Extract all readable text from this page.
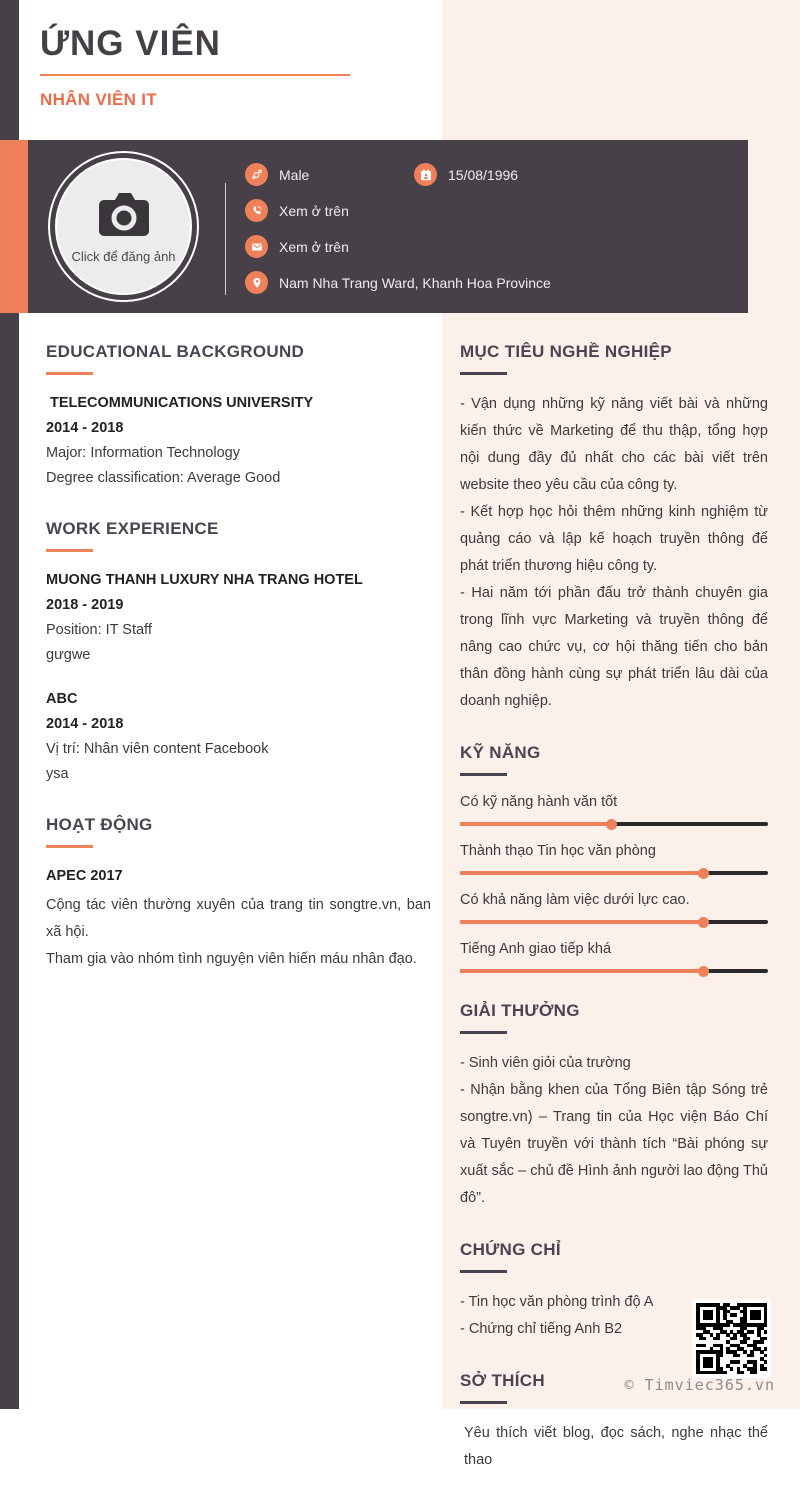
ỨNG VIÊN
NHÂN VIÊN IT
Click để đăng ảnh
Male	15/08/1996
Xem ở trên
Xem ở trên
Nam Nha Trang Ward, Khanh Hoa Province
EDUCATIONAL BACKGROUND
TELECOMMUNICATIONS UNIVERSITY
2014 - 2018
Major: Information Technology
Degree classification: Average Good
WORK EXPERIENCE
MUONG THANH LUXURY NHA TRANG HOTEL
2018 - 2019
Position: IT Staff
gưgwe
ABC
2014 - 2018
Vị trí: Nhân viên content Facebook
ysa
HOẠT ĐỘNG
APEC 2017

Cộng tác viên thường xuyên của trang tin songtre.vn, ban xã hội.

Tham gia vào nhóm tình nguyện viên hiến máu nhân đạo.

MỤC TIÊU NGHỀ NGHIỆP

- Vận dụng những kỹ năng viết bài và những kiến thức về Marketing để thu thập, tổng hợp nội dung đầy đủ nhất cho các bài viết trên website theo yêu cầu của công ty.

- Kết hợp học hỏi thêm những kinh nghiệm từ quảng cáo và lập kế hoạch truyền thông để phát triển thương hiệu công ty.

- Hai năm tới phần đấu trở thành chuyên gia trong lĩnh vực Marketing và truyền thông để nâng cao chức vụ, cơ hội thăng tiến cho bản thân đồng hành cùng sự phát triển lâu dài của doanh nghiệp.

KỸ NĂNG
Có kỹ năng hành văn tốt
Thành thạo Tin học văn phòng
Có khả năng làm việc dưới lực cao.
Tiếng Anh giao tiếp khá
GIẢI THƯỞNG

- Sinh viên giỏi của trường

- Nhận bằng khen của Tổng Biên tập Sóng trẻ songtre.vn) – Trang tin của Học viện Báo Chí và Tuyên truyền với thành tích “Bài phóng sự xuất sắc – chủ đề Hình ảnh người lao động Thủ đô”.

CHỨNG CHỈ

- Tin học văn phòng trình độ A

- Chứng chỉ tiếng Anh B2

SỞ THÍCH

Yêu thích viết blog, đọc sách, nghe nhạc thể thao

© Timviec365.vn
